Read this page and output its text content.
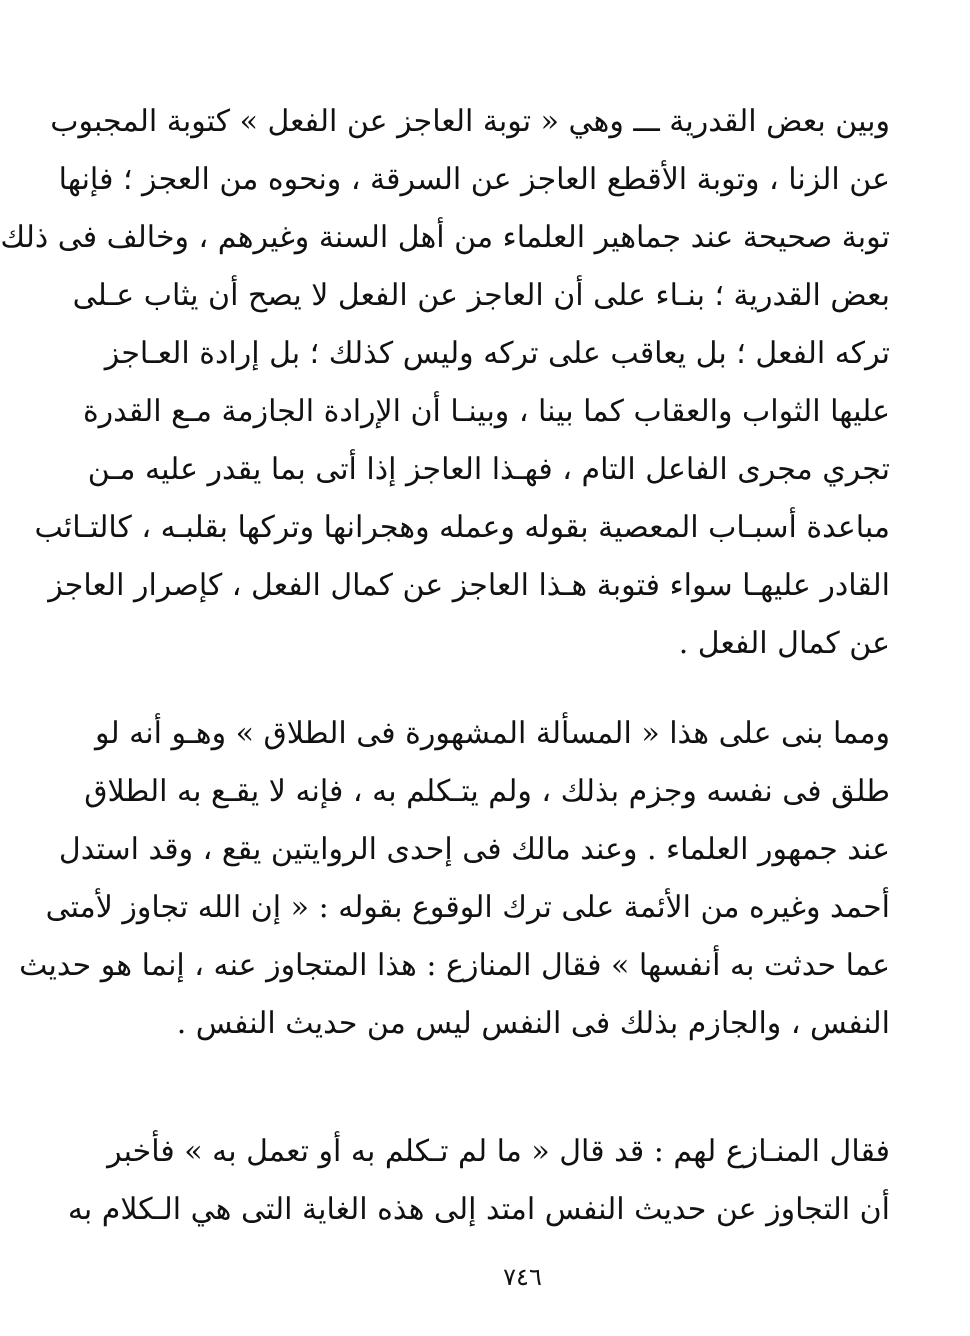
وبين بعض القدرية ـــ وهي « توبة العاجز عن الفعل » كتوبة المجبوب
عن الزنا ، وتوبة الأقطع العاجز عن السرقة ، ونحوه من العجز ؛ فإنها
توبة صحيحة عند جماهير العلماء من أهل السنة وغيرهم ، وخالف فى ذلك
بعض القدرية ؛ بنـاء على أن العاجز عن الفعل لا يصح أن يثاب عـلى
تركه الفعل ؛ بل يعاقب على تركه وليس كذلك ؛ بل إرادة العـاجز
عليها الثواب والعقاب كما بينا ، وبينـا أن الإرادة الجازمة مـع القدرة
تجري مجرى الفاعل التام ، فهـذا العاجز إذا أتى بما يقدر عليه مـن
مباعدة أسبـاب المعصية بقوله وعمله وهجرانها وتركها بقلبـه ، كالتـائب
القادر عليهـا سواء فتوبة هـذا العاجز عن كمال الفعل ، كإصرار العاجز
عن كمال الفعل .
ومما بنى على هذا « المسألة المشهورة فى الطلاق » وهـو أنه لو
طلق فى نفسه وجزم بذلك ، ولم يتـكلم به ، فإنه لا يقـع به الطلاق
عند جمهور العلماء . وعند مالك فى إحدى الروايتين يقع ، وقد استدل
أحمد وغيره من الأئمة على ترك الوقوع بقوله : « إن الله تجاوز لأمتى
عما حدثت به أنفسها » فقال المنازع : هذا المتجاوز عنه ، إنما هو حديث
النفس ، والجازم بذلك فى النفس ليس من حديث النفس .
فقال المنـازع لهم : قد قال « ما لم تـكلم به أو تعمل به » فأخبر
أن التجاوز عن حديث النفس امتد إلى هذه الغاية التى هي الـكلام به
٧٤٦
